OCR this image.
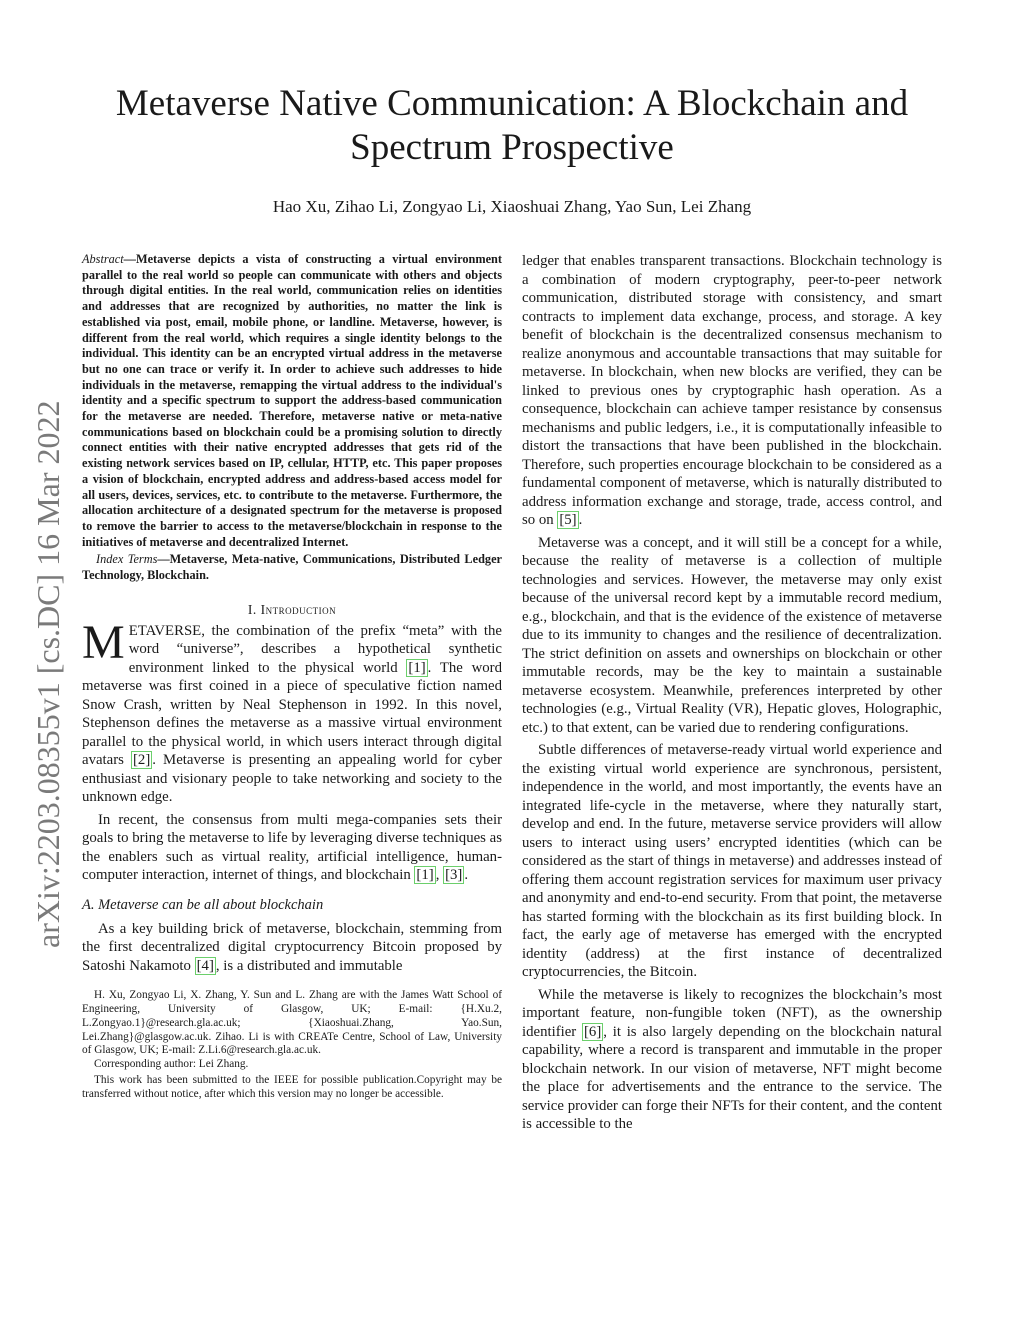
arXiv:2203.08355v1 [cs.DC] 16 Mar 2022
Metaverse Native Communication: A Blockchain and Spectrum Prospective
Hao Xu, Zihao Li, Zongyao Li, Xiaoshuai Zhang, Yao Sun, Lei Zhang

Abstract—Metaverse depicts a vista of constructing a virtual environment parallel to the real world so people can communicate with others and objects through digital entities. In the real world, communication relies on identities and addresses that are recognized by authorities, no matter the link is established via post, email, mobile phone, or landline. Metaverse, however, is different from the real world, which requires a single identity belongs to the individual. This identity can be an encrypted virtual address in the metaverse but no one can trace or verify it. In order to achieve such addresses to hide individuals in the metaverse, remapping the virtual address to the individual's identity and a specific spectrum to support the address-based communication for the metaverse are needed. Therefore, metaverse native or meta-native communications based on blockchain could be a promising solution to directly connect entities with their native encrypted addresses that gets rid of the existing network services based on IP, cellular, HTTP, etc. This paper proposes a vision of blockchain, encrypted address and address-based access model for all users, devices, services, etc. to contribute to the metaverse. Furthermore, the allocation architecture of a designated spectrum for the metaverse is proposed to remove the barrier to access to the metaverse/blockchain in response to the initiatives of metaverse and decentralized Internet.

Index Terms—Metaverse, Meta-native, Communications, Distributed Ledger Technology, Blockchain.

I. Introduction

METAVERSE, the combination of the prefix “meta” with the word “universe”, describes a hypothetical synthetic environment linked to the physical world [1] . The word metaverse was first coined in a piece of speculative fiction named Snow Crash, written by Neal Stephenson in 1992. In this novel, Stephenson defines the metaverse as a massive virtual environment parallel to the physical world, in which users interact through digital avatars [2] . Metaverse is presenting an appealing world for cyber enthusiast and visionary people to take networking and society to the unknown edge.

In recent, the consensus from multi mega-companies sets their goals to bring the metaverse to life by leveraging diverse techniques as the enablers such as virtual reality, artificial intelligence, human-computer interaction, internet of things, and blockchain [1] , [3] .

A. Metaverse can be all about blockchain

As a key building brick of metaverse, blockchain, stemming from the first decentralized digital cryptocurrency Bitcoin proposed by Satoshi Nakamoto [4] , is a distributed and immutable

H. Xu, Zongyao Li, X. Zhang, Y. Sun and L. Zhang are with the James Watt School of Engineering, University of Glasgow, UK; E-mail: {H.Xu.2, L.Zongyao.1}@research.gla.ac.uk; {Xiaoshuai.Zhang, Yao.Sun, Lei.Zhang}@glasgow.ac.uk. Zihao. Li is with CREATe Centre, School of Law, University of Glasgow, UK; E-mail: Z.Li.6@research.gla.ac.uk.

Corresponding author: Lei Zhang.

This work has been submitted to the IEEE for possible publication.Copyright may be transferred without notice, after which this version may no longer be accessible.

ledger that enables transparent transactions. Blockchain technology is a combination of modern cryptography, peer-to-peer network communication, distributed storage with consistency, and smart contracts to implement data exchange, process, and storage. A key benefit of blockchain is the decentralized consensus mechanism to realize anonymous and accountable transactions that may suitable for metaverse. In blockchain, when new blocks are verified, they can be linked to previous ones by cryptographic hash operation. As a consequence, blockchain can achieve tamper resistance by consensus mechanisms and public ledgers, i.e., it is computationally infeasible to distort the transactions that have been published in the blockchain. Therefore, such properties encourage blockchain to be considered as a fundamental component of metaverse, which is naturally distributed to address information exchange and storage, trade, access control, and so on [5] .

Metaverse was a concept, and it will still be a concept for a while, because the reality of metaverse is a collection of multiple technologies and services. However, the metaverse may only exist because of the universal record kept by a immutable record medium, e.g., blockchain, and that is the evidence of the existence of metaverse due to its immunity to changes and the resilience of decentralization. The strict definition on assets and ownerships on blockchain or other immutable records, may be the key to maintain a sustainable metaverse ecosystem. Meanwhile, preferences interpreted by other technologies (e.g., Virtual Reality (VR), Hepatic gloves, Holographic, etc.) to that extent, can be varied due to rendering configurations.

Subtle differences of metaverse-ready virtual world experience and the existing virtual world experience are synchronous, persistent, independence in the world, and most importantly, the events have an integrated life-cycle in the metaverse, where they naturally start, develop and end. In the future, metaverse service providers will allow users to interact using users’ encrypted identities (which can be considered as the start of things in metaverse) and addresses instead of offering them account registration services for maximum user privacy and anonymity and end-to-end security. From that point, the metaverse has started forming with the blockchain as its first building block. In fact, the early age of metaverse has emerged with the encrypted identity (address) at the first instance of decentralized cryptocurrencies, the Bitcoin.

While the metaverse is likely to recognizes the blockchain’s most important feature, non-fungible token (NFT), as the ownership identifier [6] , it is also largely depending on the blockchain natural capability, where a record is transparent and immutable in the proper blockchain network. In our vision of metaverse, NFT might become the place for advertisements and the entrance to the service. The service provider can forge their NFTs for their content, and the content is accessible to the
